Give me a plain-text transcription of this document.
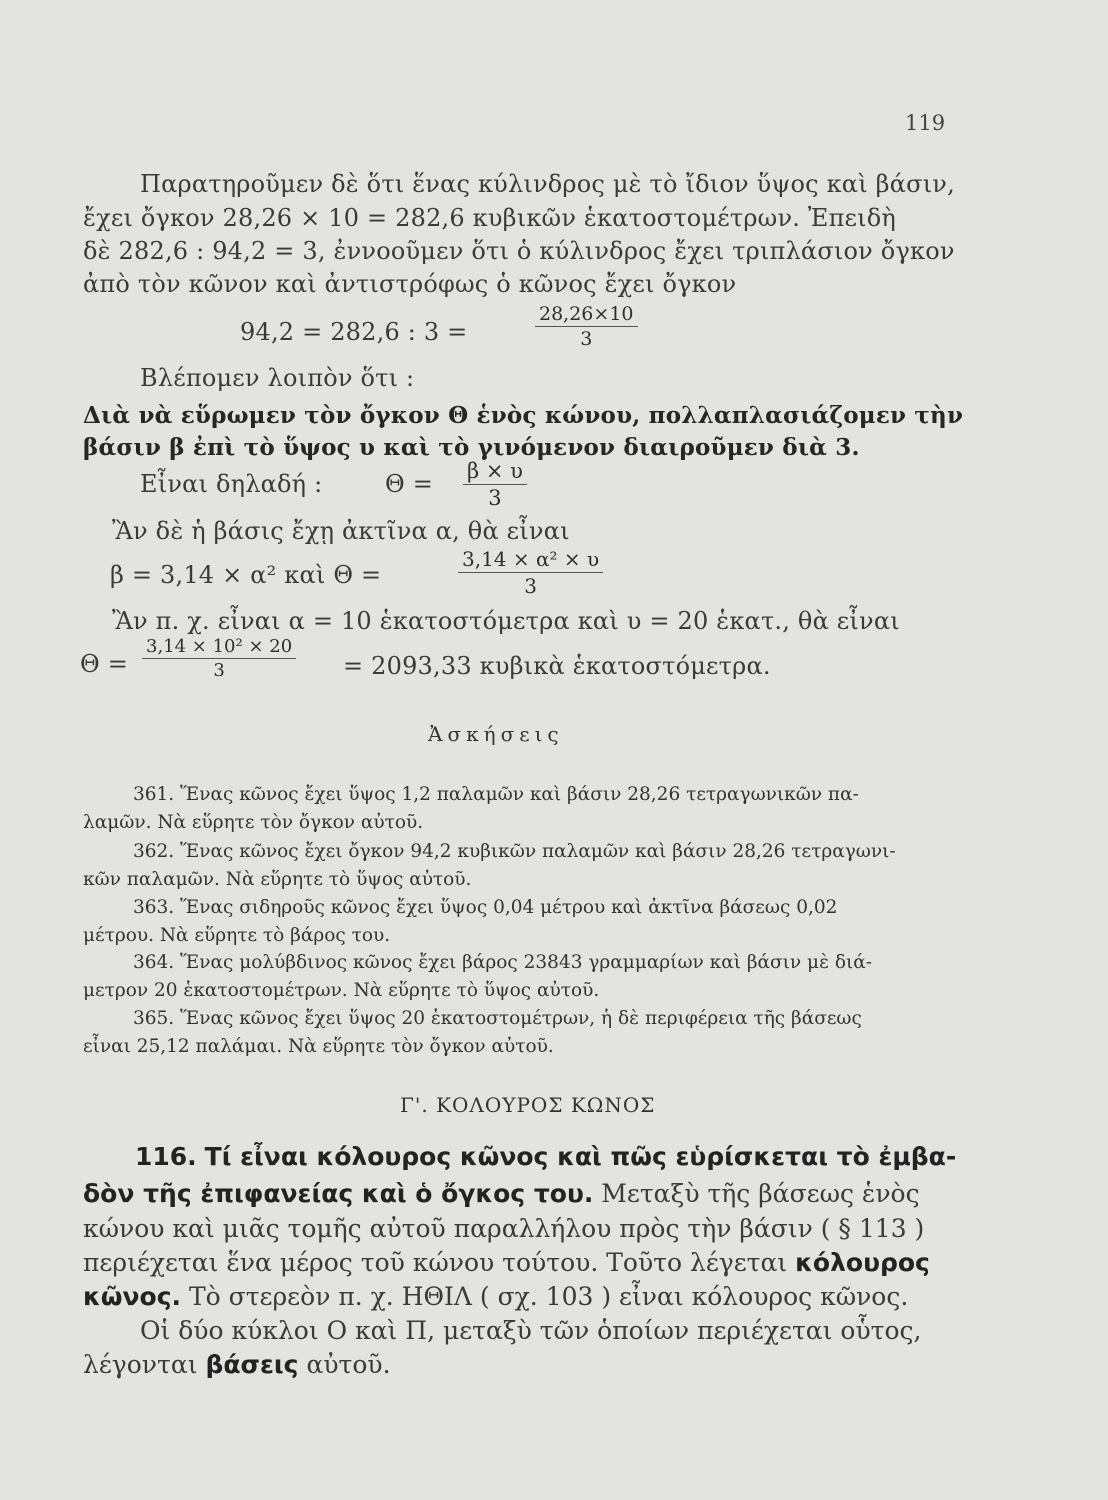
119
Παρατηροῦμεν δὲ ὅτι ἕνας κύλινδρος μὲ τὸ ἴδιον ὕψος καὶ βάσιν,
ἔχει ὄγκον 28,26 × 10 = 282,6 κυβικῶν ἑκατοστομέτρων. Ἐπειδὴ
δὲ 282,6 : 94,2 = 3, ἐννοοῦμεν ὅτι ὁ κύλινδρος ἔχει τριπλάσιον ὄγκον
ἀπὸ τὸν κῶνον καὶ ἀντιστρόφως ὁ κῶνος ἔχει ὄγκον
94,2 = 282,6 : 3 =	$\frac{28,26\times 10}{3}$
Βλέπομεν λοιπὸν ὅτι :
Διὰ νὰ εὕρωμεν τὸν ὄγκον Θ ἑνὸς κώνου, πολλαπλασιάζομεν τὴν
βάσιν β ἐπὶ τὸ ὕψος υ καὶ τὸ γινόμενον διαιροῦμεν διὰ 3.
Εἶναι δηλαδή :	$\Theta = \frac{\beta \times \upsilon}{3}$
Ἂν δὲ ἡ βάσις ἔχῃ ἀκτῖνα α, θὰ εἶναι
β = 3,14 × α² καὶ Θ =	$\frac{\text{3,14 × α² × υ}}{3}$
Ἂν π. χ. εἶναι α = 10 ἑκατοστόμετρα καὶ υ = 20 ἑκατ., θὰ εἶναι
$\Theta = \frac{\text{3,14 × 10² × 20}}{3} = 2093,33$ κυβικὰ ἑκατοστόμετρα.
Ἀσκήσεις
361. Ἕνας κῶνος ἔχει ὕψος 1,2 παλαμῶν καὶ βάσιν 28,26 τετραγωνικῶν πα-
λαμῶν. Νὰ εὕρητε τὸν ὄγκον αὐτοῦ.
362. Ἕνας κῶνος ἔχει ὄγκον 94,2 κυβικῶν παλαμῶν καὶ βάσιν 28,26 τετραγωνι-
κῶν παλαμῶν. Νὰ εὕρητε τὸ ὕψος αὐτοῦ.
363. Ἕνας σιδηροῦς κῶνος ἔχει ὕψος 0,04 μέτρου καὶ ἀκτῖνα βάσεως 0,02
μέτρου. Νὰ εὕρητε τὸ βάρος του.
364. Ἕνας μολύβδινος κῶνος ἔχει βάρος 23843 γραμμαρίων καὶ βάσιν μὲ διά-
μετρον 20 ἑκατοστομέτρων. Νὰ εὕρητε τὸ ὕψος αὐτοῦ.
365. Ἕνας κῶνος ἔχει ὕψος 20 ἑκατοστομέτρων, ἡ δὲ περιφέρεια τῆς βάσεως
εἶναι 25,12 παλάμαι. Νὰ εὕρητε τὸν ὄγκον αὐτοῦ.
Γ'. ΚΟΛΟΥΡΟΣ ΚΩΝΟΣ
116. Τί εἶναι κόλουρος κῶνος καὶ πῶς εὑρίσκεται τὸ ἐμβα-
δὸν τῆς ἐπιφανείας καὶ ὁ ὄγκος του. Μεταξὺ τῆς βάσεως ἑνὸς
κώνου καὶ μιᾶς τομῆς αὐτοῦ παραλλήλου πρὸς τὴν βάσιν ( § 113 )
περιέχεται ἕνα μέρος τοῦ κώνου τούτου. Τοῦτο λέγεται κόλουρος
κῶνος. Τὸ στερεὸν π. χ. ΗΘΙΛ ( σχ. 103 ) εἶναι κόλουρος κῶνος.
Οἱ δύο κύκλοι Ο καὶ Π, μεταξὺ τῶν ὁποίων περιέχεται οὗτος,
λέγονται βάσεις αὐτοῦ.
